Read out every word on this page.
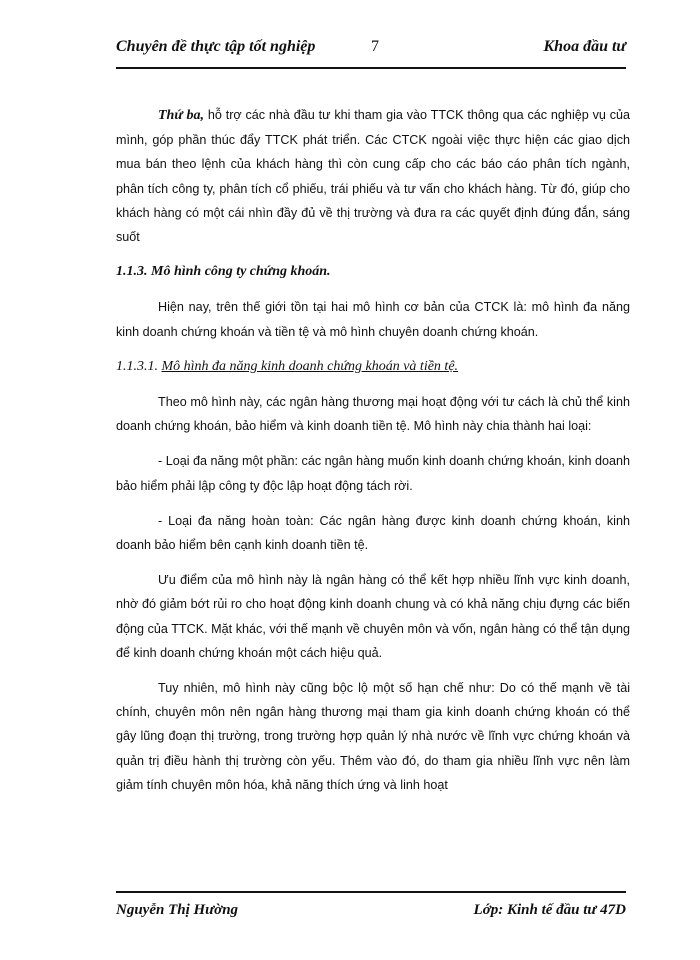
Chuyên đề thực tập tốt nghiệp	7	Khoa đầu tư

Thứ ba, hỗ trợ các nhà đầu tư khi tham gia vào TTCK thông qua các nghiệp vụ của mình, góp phần thúc đẩy TTCK phát triển. Các CTCK ngoài việc thực hiện các giao dịch mua bán theo lệnh của khách hàng thì còn cung cấp cho các báo cáo phân tích ngành, phân tích công ty, phân tích cổ phiếu, trái phiếu và tư vấn cho khách hàng. Từ đó, giúp cho khách hàng có một cái nhìn đầy đủ về thị trường và đưa ra các quyết định đúng đắn, sáng suốt

1.1.3. Mô hình công ty chứng khoán.

Hiện nay, trên thế giới tồn tại hai mô hình cơ bản của CTCK là: mô hình đa năng kinh doanh chứng khoán và tiền tệ và mô hình chuyên doanh chứng khoán.

1.1.3.1. Mô hình đa năng kinh doanh chứng khoán và tiền tệ.

Theo mô hình này, các ngân hàng thương mại hoạt động với tư cách là chủ thể kinh doanh chứng khoán, bảo hiểm và kinh doanh tiền tệ. Mô hình này chia thành hai loại:

- Loại đa năng một phần: các ngân hàng muốn kinh doanh chứng khoán, kinh doanh bảo hiểm phải lập công ty độc lập hoạt động tách rời.

- Loại đa năng hoàn toàn: Các ngân hàng được kinh doanh chứng khoán, kinh doanh bảo hiểm bên cạnh kinh doanh tiền tệ.

Ưu điểm của mô hình này là ngân hàng có thể kết hợp nhiều lĩnh vực kinh doanh, nhờ đó giảm bớt rủi ro cho hoạt động kinh doanh chung và có khả năng chịu đựng các biến động của TTCK. Mặt khác, với thế mạnh về chuyên môn và vốn, ngân hàng có thể tận dụng để kinh doanh chứng khoán một cách hiệu quả.

Tuy nhiên, mô hình này cũng bộc lộ một số hạn chế như: Do có thế mạnh về tài chính, chuyên môn nên ngân hàng thương mại tham gia kinh doanh chứng khoán có thể gây lũng đoạn thị trường, trong trường hợp quản lý nhà nước về lĩnh vực chứng khoán và quản trị điều hành thị trường còn yếu. Thêm vào đó, do tham gia nhiều lĩnh vực nên làm giảm tính chuyên môn hóa, khả năng thích ứng và linh hoạt

Nguyễn Thị Hường	Lớp: Kinh tế đầu tư 47D
